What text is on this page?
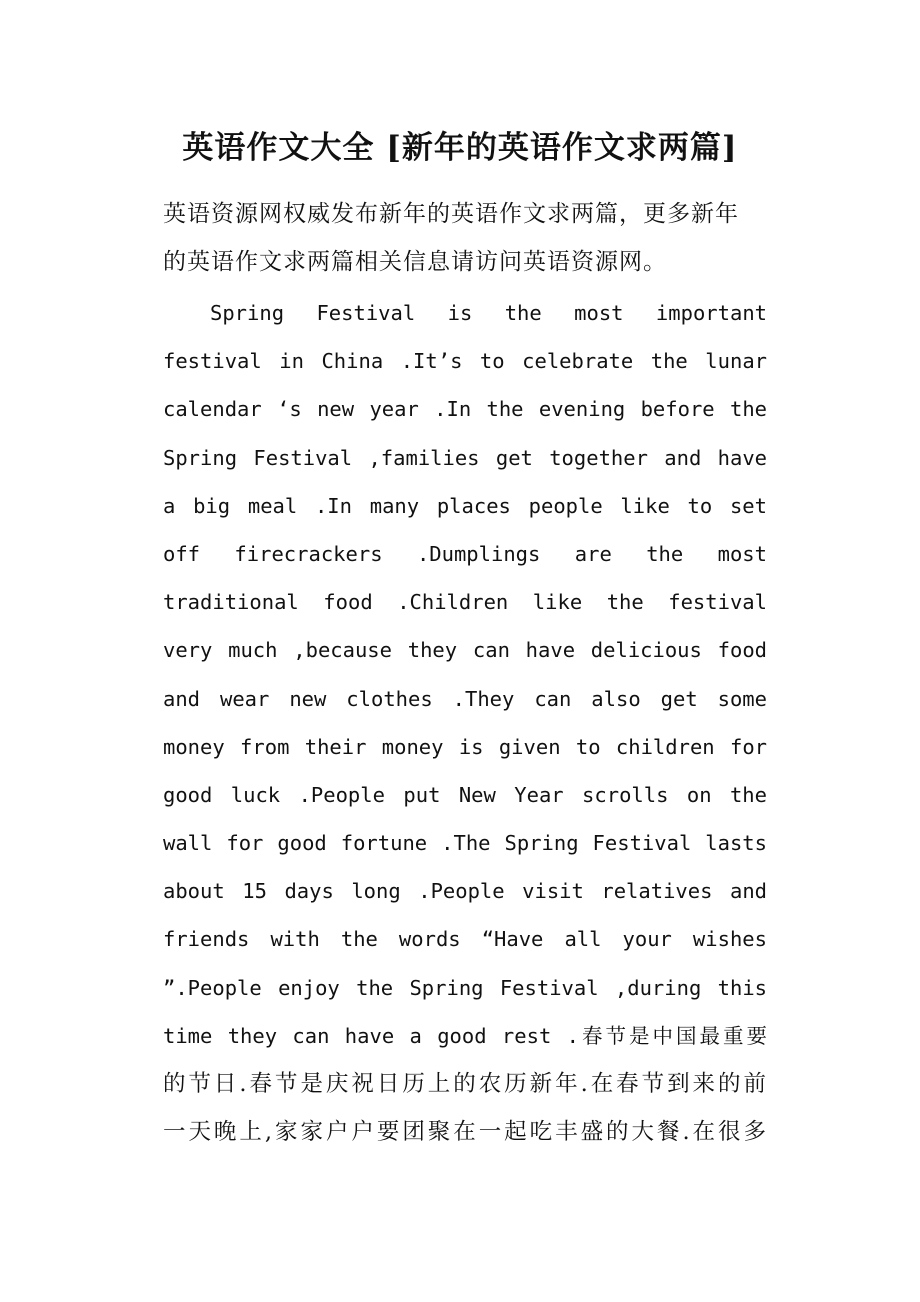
英语作文大全 [新年的英语作文求两篇]
英语资源网权威发布新年的英语作文求两篇，更多新年
的英语作文求两篇相关信息请访问英语资源网。
Spring Festival is the most important
festival in China .It’s to celebrate the lunar
calendar ‘s new year .In the evening before the
Spring Festival ,families get together and have
a big meal .In many places people like to set
off firecrackers .Dumplings are the most
traditional food .Children like the festival
very much ,because they can have delicious food
and wear new clothes .They can also get some
money from their money is given to children for
good luck .People put New Year scrolls on the
wall for good fortune .The Spring Festival lasts
about 15 days long .People visit relatives and
friends with the words “Have all your wishes
”.People enjoy the Spring Festival ,during this
time they can have a good rest .春节是中国最重要
的节日.春节是庆祝日历上的农历新年.在春节到来的前
一天晚上,家家户户要团聚在一起吃丰盛的大餐.在很多
